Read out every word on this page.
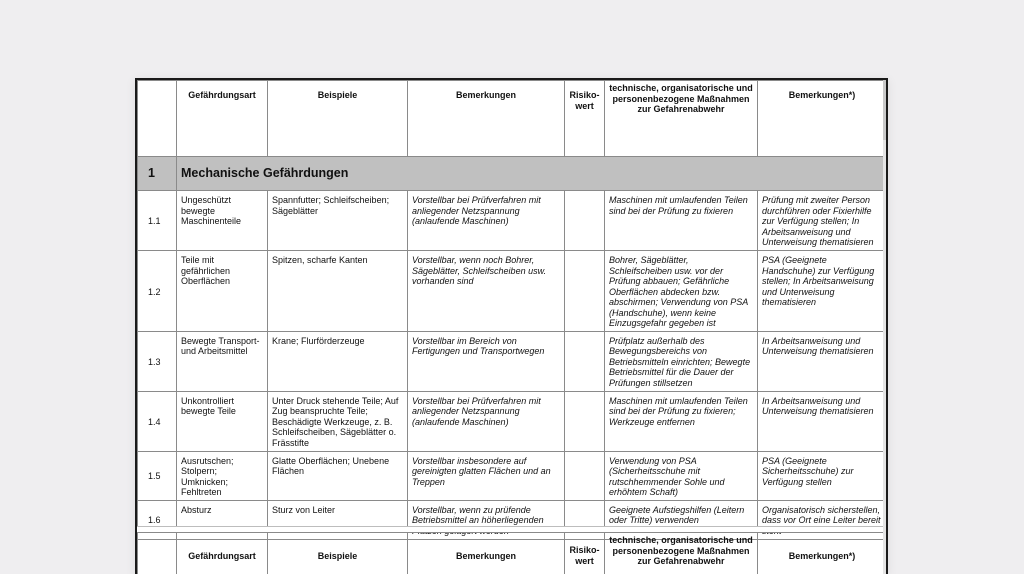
	Gefährdungsart	Beispiele	Bemerkungen	Risiko-wert	technische, organisatorische und personenbezogene Maßnahmen zur Gefahrenabwehr	Bemerkungen*)
1	Mechanische Gefährdungen					
1.1	Ungeschützt bewegte Maschinenteile	Spannfutter; Schleifscheiben; Sägeblätter	Vorstellbar bei Prüfverfahren mit anliegender Netzspannung (anlaufende Maschinen)		Maschinen mit umlaufenden Teilen sind bei der Prüfung zu fixieren	Prüfung mit zweiter Person durchführen oder Fixierhilfe zur Verfügung stellen; In Arbeitsanweisung und Unterweisung thematisieren
1.2	Teile mit gefährlichen Oberflächen	Spitzen, scharfe Kanten	Vorstellbar, wenn noch Bohrer, Sägeblätter, Schleifscheiben usw. vorhanden sind		Bohrer, Sägeblätter, Schleifscheiben usw. vor der Prüfung abbauen; Gefährliche Oberflächen abdecken bzw. abschirmen; Verwendung von PSA (Handschuhe), wenn keine Einzugsgefahr gegeben ist	PSA (Geeignete Handschuhe) zur Verfügung stellen; In Arbeitsanweisung und Unterweisung thematisieren
1.3	Bewegte Transport- und Arbeitsmittel	Krane; Flurförderzeuge	Vorstellbar im Bereich von Fertigungen und Transportwegen		Prüfplatz außerhalb des Bewegungsbereichs von Betriebsmitteln einrichten; Bewegte Betriebsmittel für die Dauer der Prüfungen stillsetzen	In Arbeitsanweisung und Unterweisung thematisieren
1.4	Unkontrolliert bewegte Teile	Unter Druck stehende Teile; Auf Zug beanspruchte Teile; Beschädigte Werkzeuge, z. B. Schleifscheiben, Sägeblätter o. Frässtifte	Vorstellbar bei Prüfverfahren mit anliegender Netzspannung (anlaufende Maschinen)		Maschinen mit umlaufenden Teilen sind bei der Prüfung zu fixieren; Werkzeuge entfernen	In Arbeitsanweisung und Unterweisung thematisieren
1.5	Ausrutschen; Stolpern; Umknicken; Fehltreten	Glatte Oberflächen; Unebene Flächen	Vorstellbar insbesondere auf gereinigten glatten Flächen und an Treppen		Verwendung von PSA (Sicherheitsschuhe mit rutschhemmender Sohle und erhöhtem Schaft)	PSA (Geeignete Sicherheitsschuhe) zur Verfügung stellen
1.6	Absturz	Sturz von Leiter	Vorstellbar, wenn zu prüfende Betriebsmittel an höherliegenden		Geeignete Aufstiegshilfen (Leitern oder Tritte) verwenden	Organisatorisch sicherstellen, dass vor Ort eine Leiter bereit
	Gefährdungsart	Beispiele	Bemerkungen	Risiko-wert	technische, organisatorische und personenbezogene Maßnahmen zur Gefahrenabwehr	Bemerkungen*)
